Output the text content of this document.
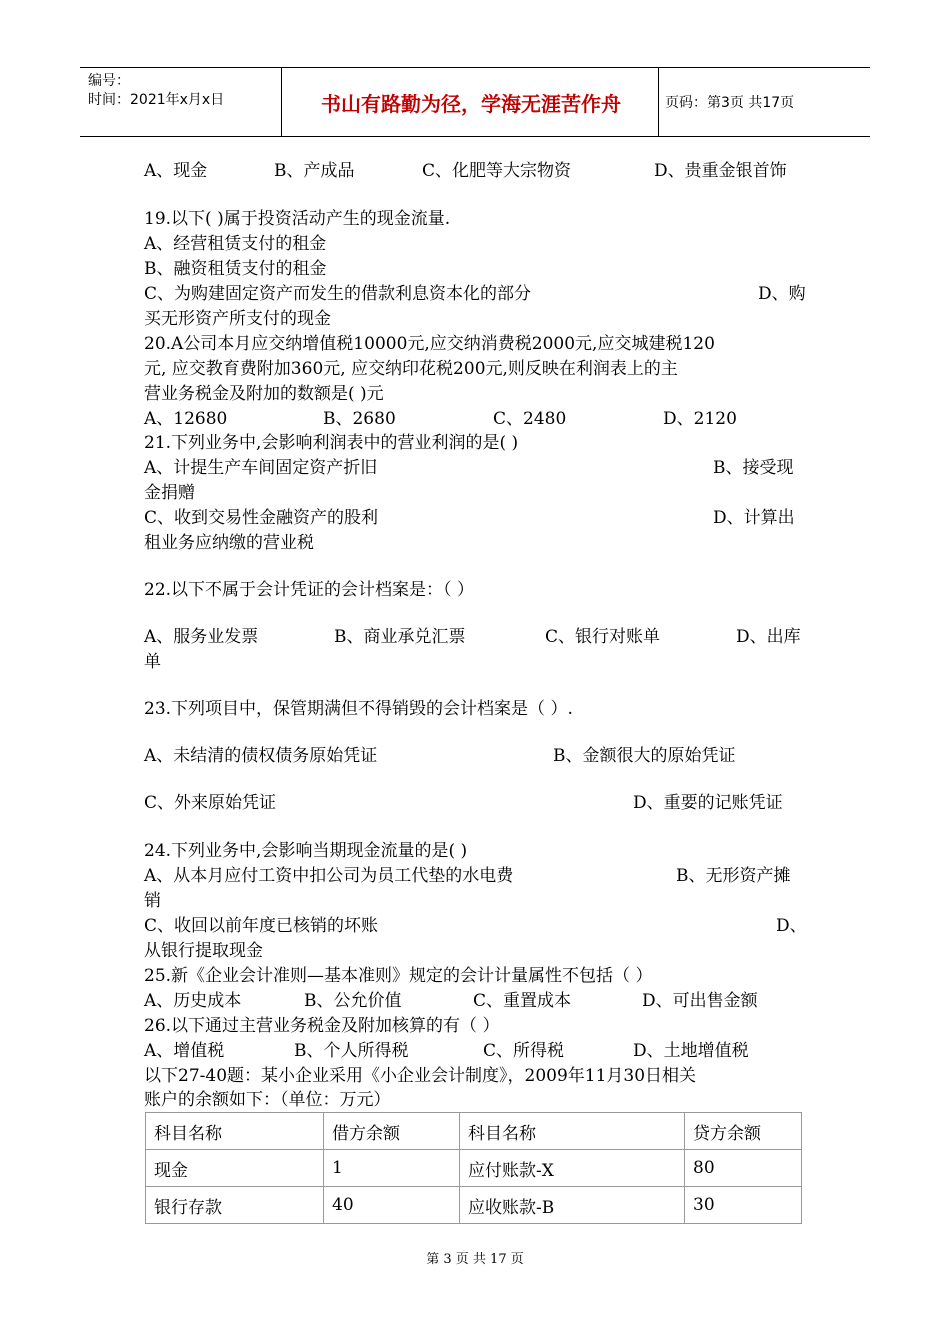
编号：
时间：2021年x月x日	书山有路勤为径，学海无涯苦作舟	页码：第3页 共17页
A、现金	B、产成品	C、化肥等大宗物资	D、贵重金银首饰
19.以下( )属于投资活动产生的现金流量.
A、经营租赁支付的租金
B、融资租赁支付的租金
C、为购建固定资产而发生的借款利息资本化的部分	D、购
买无形资产所支付的现金
20.A公司本月应交纳增值税10000元,应交纳消费税2000元,应交城建税120
元, 应交教育费附加360元, 应交纳印花税200元,则反映在利润表上的主
营业务税金及附加的数额是( )元
A、12680	B、2680	C、2480	D、2120
21.下列业务中,会影响利润表中的营业利润的是( )
A、计提生产车间固定资产折旧	B、接受现
金捐赠
C、收到交易性金融资产的股利	D、计算出
租业务应纳缴的营业税
22.以下不属于会计凭证的会计档案是：（ ）
A、服务业发票	B、商业承兑汇票	C、银行对账单	D、出库
单
23.下列项目中，保管期满但不得销毁的会计档案是（ ）.
A、未结清的债权债务原始凭证	B、金额很大的原始凭证
C、外来原始凭证	D、重要的记账凭证
24.下列业务中,会影响当期现金流量的是( )
A、从本月应付工资中扣公司为员工代垫的水电费	B、无形资产摊
销
C、收回以前年度已核销的坏账	D、
从银行提取现金
25.新《企业会计准则—基本准则》规定的会计计量属性不包括（ ）
A、历史成本	B、公允价值	C、重置成本	D、可出售金额
26.以下通过主营业务税金及附加核算的有（ ）
A、增值税	B、个人所得税	C、所得税	D、土地增值税
以下27-40题：某小企业采用《小企业会计制度》，2009年11月30日相关
账户的余额如下：（单位：万元）
科目名称	借方余额	科目名称	贷方余额
现金	1	应付账款-X	80
银行存款	40	应收账款-B	30
第 3 页 共 17 页
